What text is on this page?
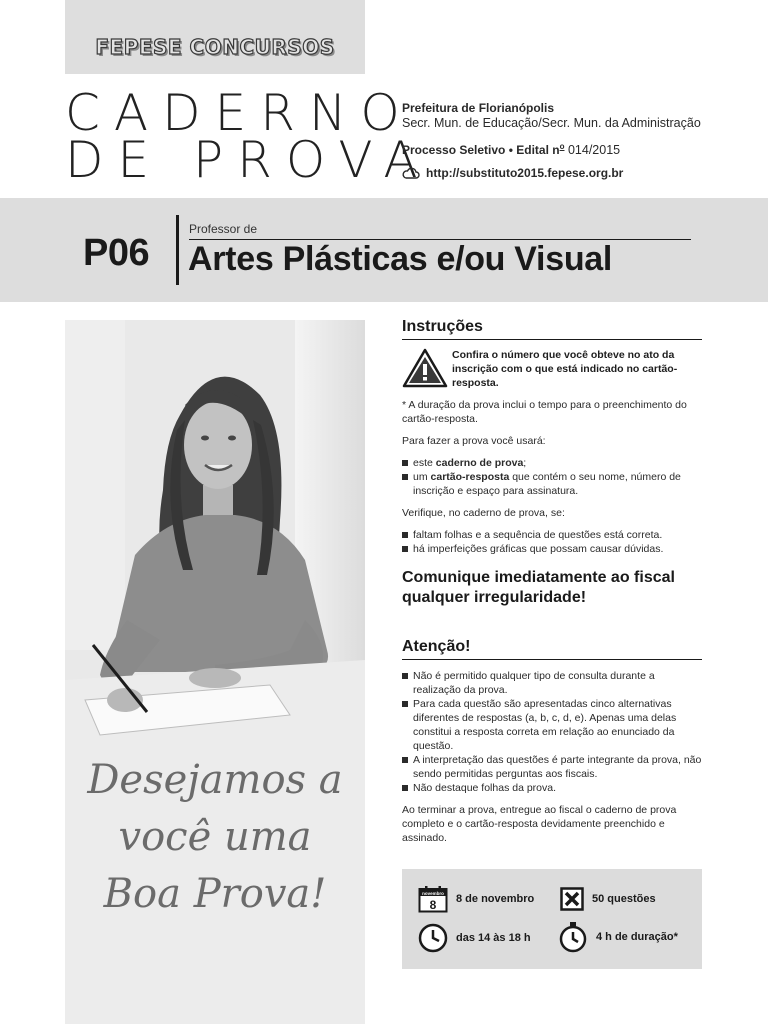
FEPESE CONCURSOS
CADERNO
DE PROVA
Prefeitura de Florianópolis
Secr. Mun. de Educação/Secr. Mun. da Administração
Processo Seletivo • Edital $n^o$ 014/2015
http://substituto2015.fepese.org.br
P06
Professor de
Artes Plásticas e/ou Visual
Desejamos a
você uma
Boa Prova!
Instruções
Confira o número que você obteve no ato da inscrição com o que está indicado no cartão-resposta.
* A duração da prova inclui o tempo para o preenchimento do cartão-resposta.
Para fazer a prova você usará:
este caderno de prova;
um cartão-resposta que contém o seu nome, número de inscrição e espaço para assinatura.
Verifique, no caderno de prova, se:
faltam folhas e a sequência de questões está correta.
há imperfeições gráficas que possam causar dúvidas.
Comunique imediatamente ao fiscal qualquer irregularidade!
Atenção!
Não é permitido qualquer tipo de consulta durante a realização da prova.
Para cada questão são apresentadas cinco alternativas diferentes de respostas (a, b, c, d, e). Apenas uma delas constitui a resposta correta em relação ao enunciado da questão.
A interpretação das questões é parte integrante da prova, não sendo permitidas perguntas aos fiscais.
Não destaque folhas da prova.
Ao terminar a prova, entregue ao fiscal o caderno de prova completo e o cartão-resposta devidamente preenchido e assinado.
novembro
8 8 de novembro	50 questões
das 14 às 18 h	4 h de duração*
